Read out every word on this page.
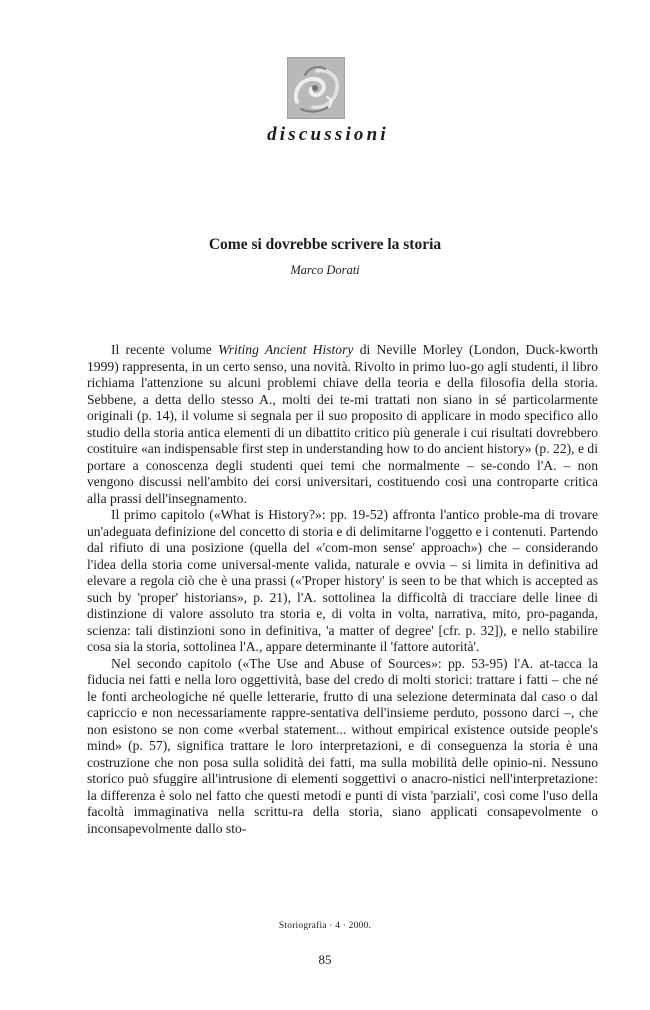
discussioni
Come si dovrebbe scrivere la storia
Marco Dorati

Il recente volume Writing Ancient History di Neville Morley (London, Duck-kworth 1999) rappresenta, in un certo senso, una novità. Rivolto in primo luo-go agli studenti, il libro richiama l'attenzione su alcuni problemi chiave della teoria e della filosofia della storia. Sebbene, a detta dello stesso A., molti dei te-mi trattati non siano in sé particolarmente originali (p. 14), il volume si segnala per il suo proposito di applicare in modo specifico allo studio della storia antica elementi di un dibattito critico più generale i cui risultati dovrebbero costituire «an indispensable first step in understanding how to do ancient history» (p. 22), e di portare a conoscenza degli studenti quei temi che normalmente – se-condo l'A. – non vengono discussi nell'ambito dei corsi universitari, costituendo così una controparte critica alla prassi dell'insegnamento.

Il primo capitolo («What is History?»: pp. 19-52) affronta l'antico proble-ma di trovare un'adeguata definizione del concetto di storia e di delimitarne l'oggetto e i contenuti. Partendo dal rifiuto di una posizione (quella del «'com-mon sense' approach») che – considerando l'idea della storia come universal-mente valida, naturale e ovvia – si limita in definitiva ad elevare a regola ciò che è una prassi («'Proper history' is seen to be that which is accepted as such by 'proper' historians», p. 21), l'A. sottolinea la difficoltà di tracciare delle linee di distinzione di valore assoluto tra storia e, di volta in volta, narrativa, mito, pro-paganda, scienza: tali distinzioni sono in definitiva, 'a matter of degree' [cfr. p. 32]), e nello stabilire cosa sia la storia, sottolinea l'A., appare determinante il 'fattore autorità'.

Nel secondo capitolo («The Use and Abuse of Sources»: pp. 53-95) l'A. at-tacca la fiducia nei fatti e nella loro oggettività, base del credo di molti storici: trattare i fatti – che né le fonti archeologiche né quelle letterarie, frutto di una selezione determinata dal caso o dal capriccio e non necessariamente rappre-sentativa dell'insieme perduto, possono darci –, che non esistono se non come «verbal statement... without empirical existence outside people's mind» (p. 57), significa trattare le loro interpretazioni, e di conseguenza la storia è una costruzione che non posa sulla solidità dei fatti, ma sulla mobilità delle opinio-ni. Nessuno storico può sfuggire all'intrusione di elementi soggettivi o anacro-nistici nell'interpretazione: la differenza è solo nel fatto che questi metodi e punti di vista 'parziali', così come l'uso della facoltà immaginativa nella scrittu-ra della storia, siano applicati consapevolmente o inconsapevolmente dallo sto-

Storiografia · 4 · 2000.
85
